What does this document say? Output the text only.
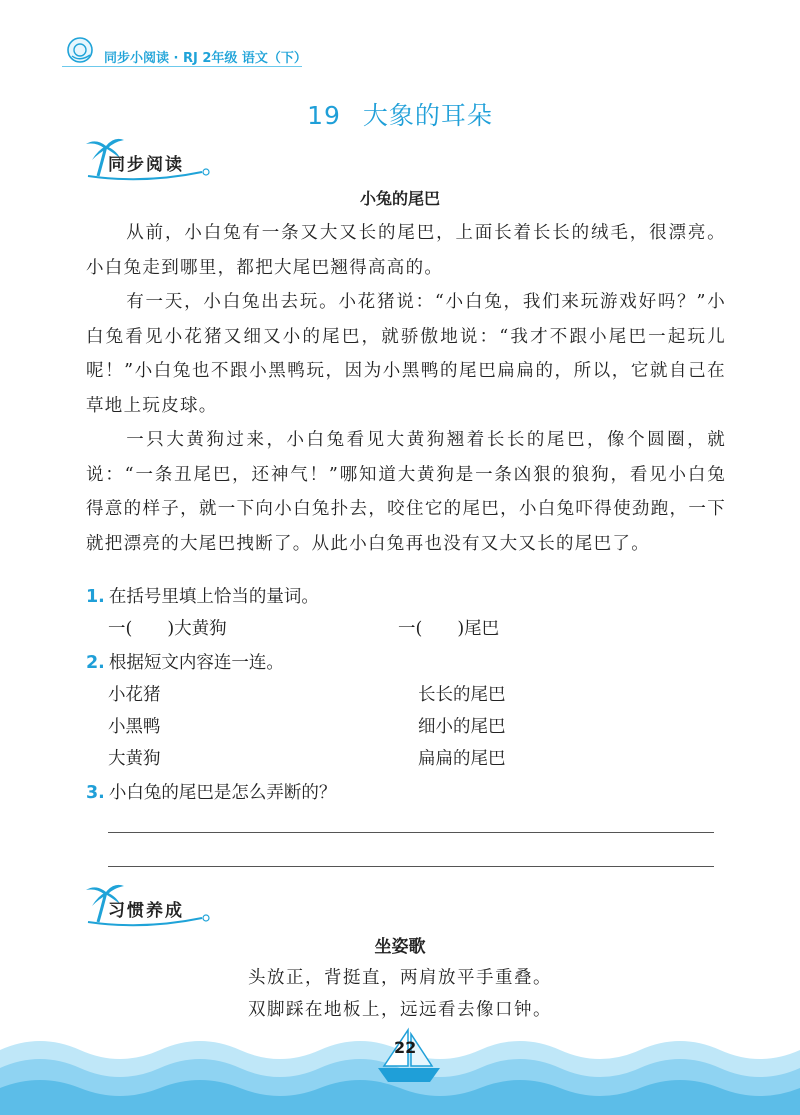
同步小阅读 · RJ 2年级 语文（下）
19 大象的耳朵
同步阅读
小兔的尾巴

从前，小白兔有一条又大又长的尾巴，上面长着长长的绒毛，很漂亮。小白兔走到哪里，都把大尾巴翘得高高的。

有一天，小白兔出去玩。小花猪说：“小白兔，我们来玩游戏好吗？”小白兔看见小花猪又细又小的尾巴，就骄傲地说：“我才不跟小尾巴一起玩儿呢！”小白兔也不跟小黑鸭玩，因为小黑鸭的尾巴扁扁的，所以，它就自己在草地上玩皮球。

一只大黄狗过来，小白兔看见大黄狗翘着长长的尾巴，像个圆圈，就说：“一条丑尾巴，还神气！”哪知道大黄狗是一条凶狠的狼狗，看见小白兔得意的样子，就一下向小白兔扑去，咬住它的尾巴，小白兔吓得使劲跑，一下就把漂亮的大尾巴拽断了。从此小白兔再也没有又大又长的尾巴了。

1. 在括号里填上恰当的量词。
一(　　)大黄狗	一(　　)尾巴
2. 根据短文内容连一连。
小花猪
小黑鸭
大黄狗
长长的尾巴
细小的尾巴
扁扁的尾巴
3. 小白兔的尾巴是怎么弄断的？
习惯养成
坐姿歌
头放正，背挺直，两肩放平手重叠。
双脚踩在地板上，远远看去像口钟。
22
